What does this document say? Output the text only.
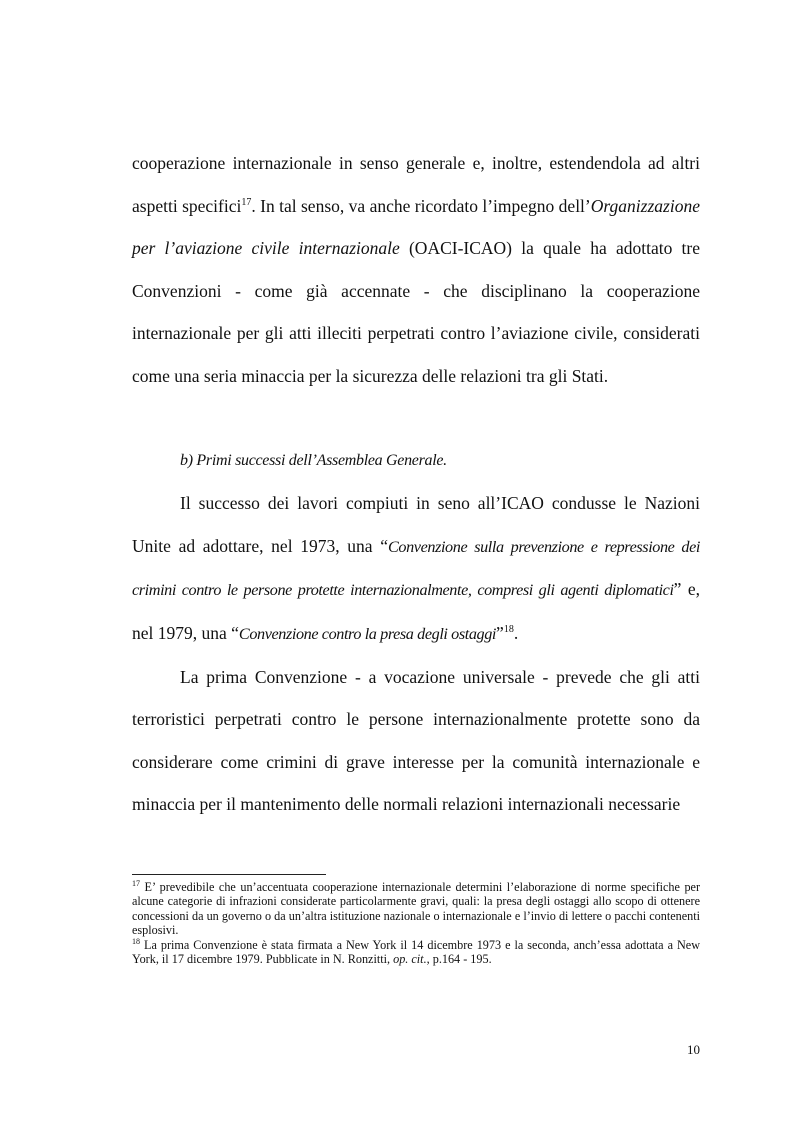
cooperazione internazionale in senso generale e, inoltre, estendendola ad altri aspetti specifici$^{17}$. In tal senso, va anche ricordato l’impegno dell’Organizzazione per l’aviazione civile internazionale (OACI-ICAO) la quale ha adottato tre Convenzioni - come già accennate - che disciplinano la cooperazione internazionale per gli atti illeciti perpetrati contro l’aviazione civile, considerati come una seria minaccia per la sicurezza delle relazioni tra gli Stati.

b) Primi successi dell’Assemblea Generale.

Il successo dei lavori compiuti in seno all’ICAO condusse le Nazioni Unite ad adottare, nel 1973, una “Convenzione sulla prevenzione e repressione dei crimini contro le persone protette internazionalmente, compresi gli agenti diplomatici” e, nel 1979, una “Convenzione contro la presa degli ostaggi”$^{18}$.

La prima Convenzione - a vocazione universale - prevede che gli atti terroristici perpetrati contro le persone internazionalmente protette sono da considerare come crimini di grave interesse per la comunità internazionale e minaccia per il mantenimento delle normali relazioni internazionali necessarie

$^{17}$ E’ prevedibile che un’accentuata cooperazione internazionale determini l’elaborazione di norme specifiche per alcune categorie di infrazioni considerate particolarmente gravi, quali: la presa degli ostaggi allo scopo di ottenere concessioni da un governo o da un’altra istituzione nazionale o internazionale e l’invio di lettere o pacchi contenenti esplosivi.

$^{18}$ La prima Convenzione è stata firmata a New York il 14 dicembre 1973 e la seconda, anch’essa adottata a New York, il 17 dicembre 1979. Pubblicate in N. Ronzitti, op. cit., p.164 - 195.

10
